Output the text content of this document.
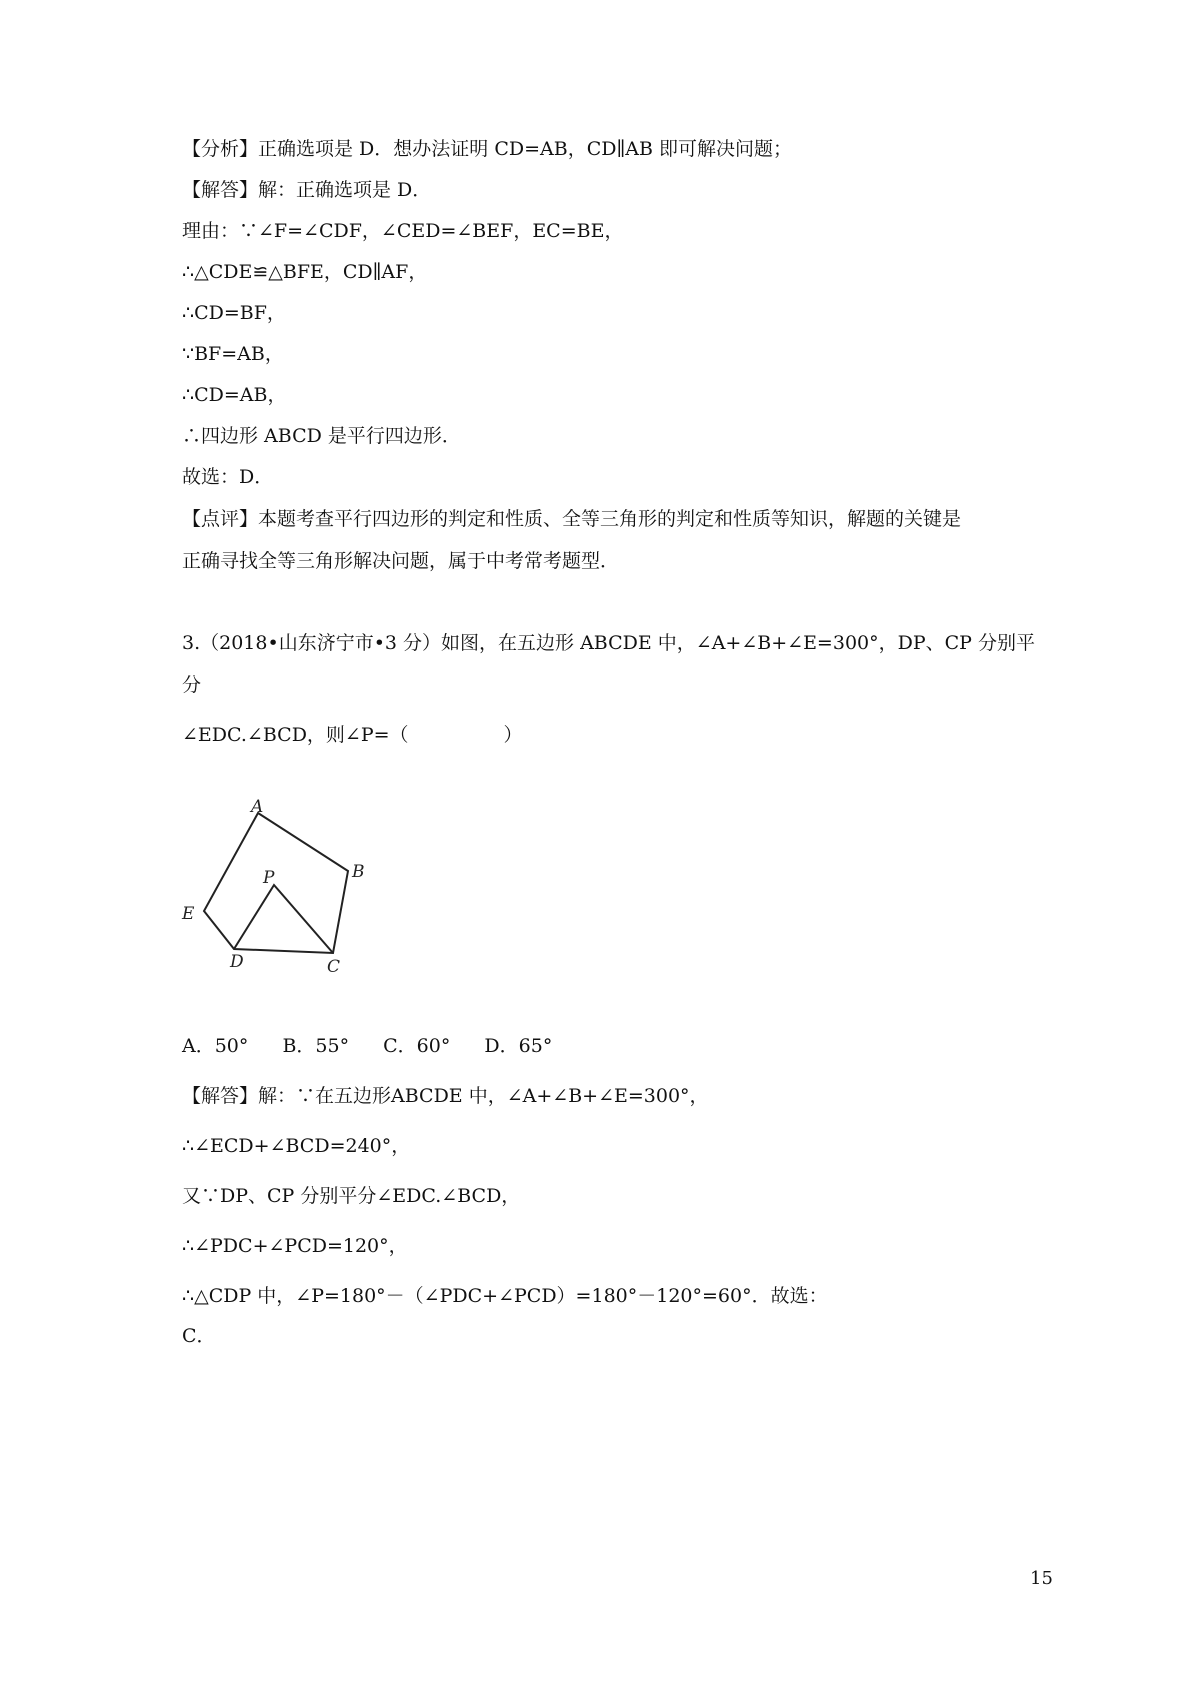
【分析】正确选项是 D．想办法证明 CD=AB，CD∥AB 即可解决问题；
【解答】解：正确选项是 D．
理由：∵∠F=∠CDF，∠CED=∠BEF，EC=BE，
∴△CDE≌△BFE，CD∥AF，
∴CD=BF，
∵BF=AB，
∴CD=AB，
∴四边形 ABCD 是平行四边形．
故选：D．
【点评】本题考查平行四边形的判定和性质、全等三角形的判定和性质等知识，解题的关键是
正确寻找全等三角形解决问题，属于中考常考题型．
3.（2018•山东济宁市•3 分）如图，在五边形 ABCDE 中，∠A+∠B+∠E=300°，DP、CP 分别平
分
∠EDC.∠BCD，则∠P=（　　　　　）
A
B
C
D
E
P
A．50° B．55° C．60° D．65°
【解答】解：∵在五边形ABCDE 中，∠A+∠B+∠E=300°，
∴∠ECD+∠BCD=240°，
又∵DP、CP 分别平分∠EDC.∠BCD，
∴∠PDC+∠PCD=120°，
∴△CDP 中，∠P=180°－（∠PDC+∠PCD）=180°－120°=60°．故选：
C．
15
